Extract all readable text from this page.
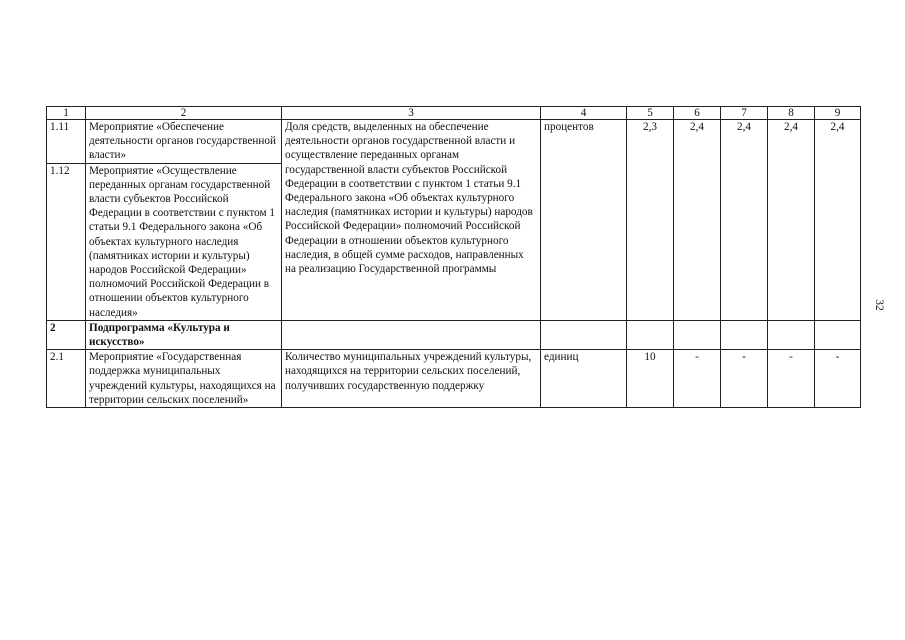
1	2	3	4	5	6	7	8	9
1.11	Мероприятие «Обеспечение деятельности органов государственной власти»	Доля средств, выделенных на обеспечение деятельности органов государственной власти и осуществление переданных органам государственной власти субъектов Российской Федерации в соответствии с пунктом 1 статьи 9.1 Федерального закона «Об объектах культурного наследия (памятниках истории и культуры) народов Российской Федерации» полномочий Российской Федерации в отношении объектов культурного наследия, в общей сумме расходов, направленных на реализацию Государственной программы	процентов	2,3	2,4	2,4	2,4	2,4
1.12	Мероприятие «Осуществление переданных органам государственной власти субъектов Российской Федерации в соответствии с пунктом 1 статьи 9.1 Федерального закона «Об объектах культурного наследия (памятниках истории и культуры) народов Российской Федерации» полномочий Российской Федерации в отношении объектов культурного наследия»							
2	Подпрограмма «Культура и искусство»							
2.1	Мероприятие «Государственная поддержка муниципальных учреждений культуры, находящихся на территории сельских поселений»	Количество муниципальных учреждений культуры, находящихся на территории сельских поселений, получивших государственную поддержку	единиц	10	-	-	-	-
32
